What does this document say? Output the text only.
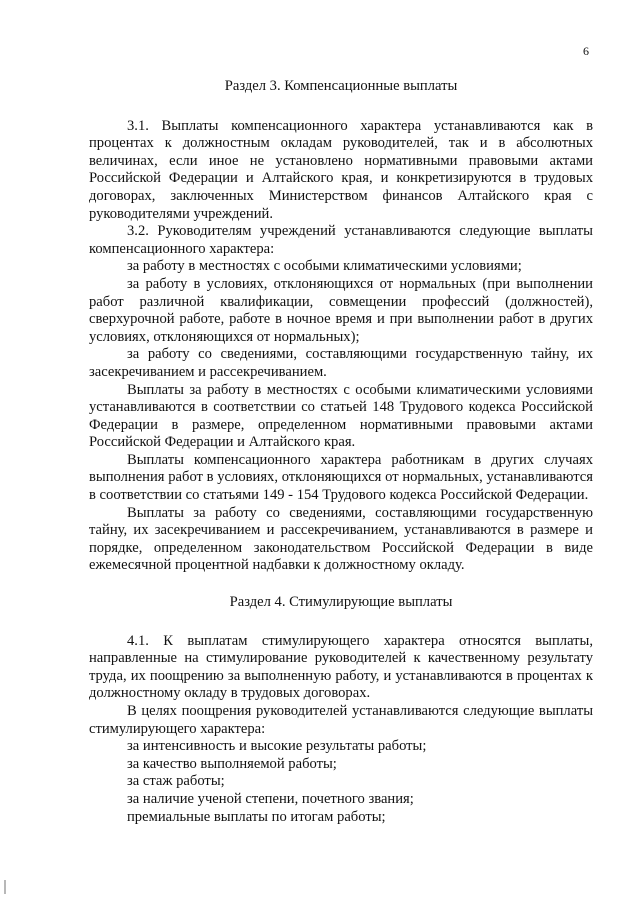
6
Раздел 3. Компенсационные выплаты

3.1. Выплаты компенсационного характера устанавливаются как в процентах к должностным окладам руководителей, так и в абсолютных величинах, если иное не установлено нормативными правовыми актами Российской Федерации и Алтайского края, и конкретизируются в трудовых договорах, заключенных Министерством финансов Алтайского края с руководителями учреждений.

3.2. Руководителям учреждений устанавливаются следующие выплаты компенсационного характера:

за работу в местностях с особыми климатическими условиями;

за работу в условиях, отклоняющихся от нормальных (при выполнении работ различной квалификации, совмещении профессий (должностей), сверхурочной работе, работе в ночное время и при выполнении работ в других условиях, отклоняющихся от нормальных);

за работу со сведениями, составляющими государственную тайну, их засекречиванием и рассекречиванием.

Выплаты за работу в местностях с особыми климатическими условиями устанавливаются в соответствии со статьей 148 Трудового кодекса Российской Федерации в размере, определенном нормативными правовыми актами Российской Федерации и Алтайского края.

Выплаты компенсационного характера работникам в других случаях выполнения работ в условиях, отклоняющихся от нормальных, устанавливаются в соответствии со статьями 149 - 154 Трудового кодекса Российской Федерации.

Выплаты за работу со сведениями, составляющими государственную тайну, их засекречиванием и рассекречиванием, устанавливаются в размере и порядке, определенном законодательством Российской Федерации в виде ежемесячной процентной надбавки к должностному окладу.

Раздел 4. Стимулирующие выплаты

4.1. К выплатам стимулирующего характера относятся выплаты, направленные на стимулирование руководителей к качественному результату труда, их поощрению за выполненную работу, и устанавливаются в процентах к должностному окладу в трудовых договорах.

В целях поощрения руководителей устанавливаются следующие выплаты стимулирующего характера:

за интенсивность и высокие результаты работы;

за качество выполняемой работы;

за стаж работы;

за наличие ученой степени, почетного звания;

премиальные выплаты по итогам работы;
